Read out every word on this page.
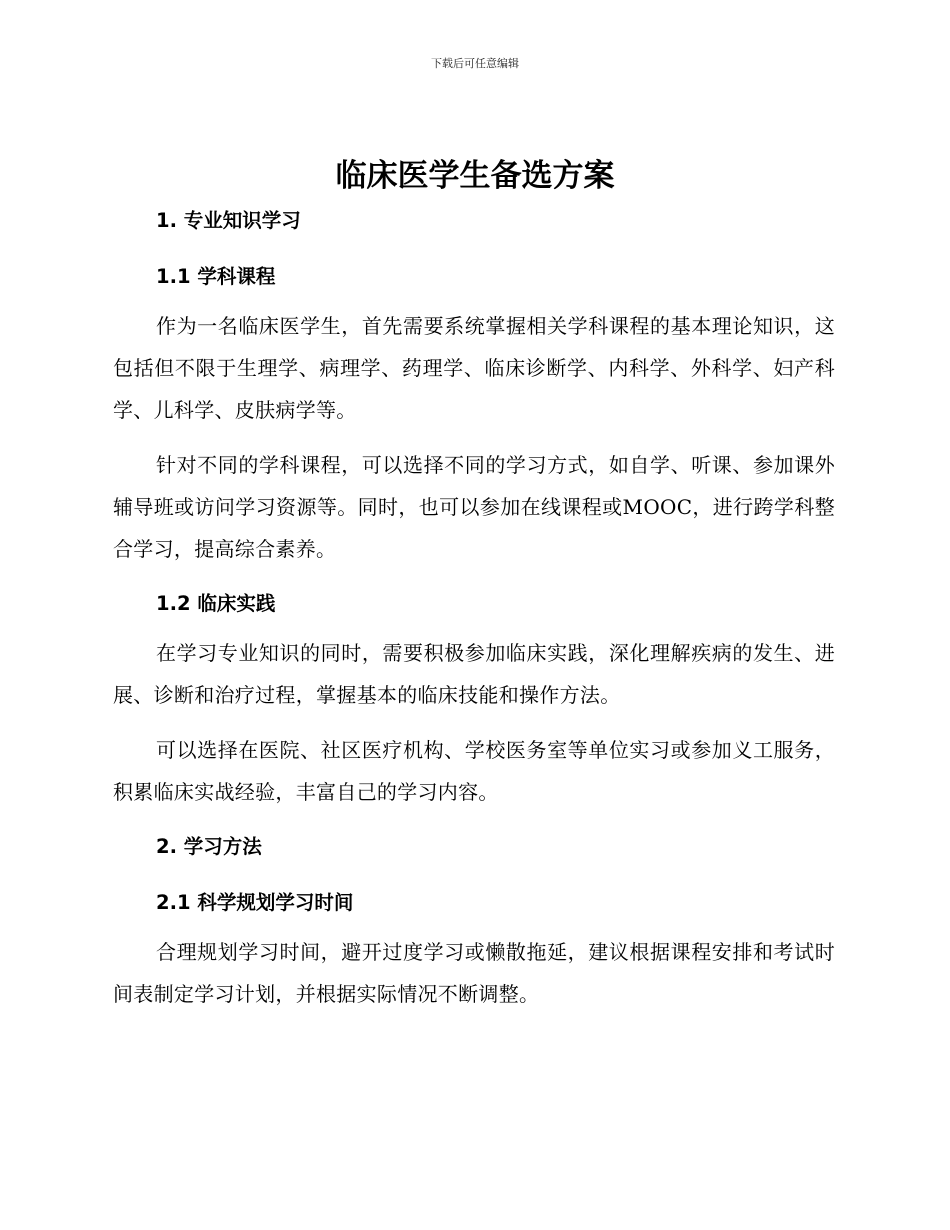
下载后可任意编辑
临床医学生备选方案
1. 专业知识学习
1.1 学科课程
作为一名临床医学生，首先需要系统掌握相关学科课程的基本理论知识，这包括但不限于生理学、病理学、药理学、临床诊断学、内科学、外科学、妇产科学、儿科学、皮肤病学等。
针对不同的学科课程，可以选择不同的学习方式，如自学、听课、参加课外辅导班或访问学习资源等。同时，也可以参加在线课程或MOOC，进行跨学科整合学习，提高综合素养。
1.2 临床实践
在学习专业知识的同时，需要积极参加临床实践，深化理解疾病的发生、进展、诊断和治疗过程，掌握基本的临床技能和操作方法。
可以选择在医院、社区医疗机构、学校医务室等单位实习或参加义工服务，积累临床实战经验，丰富自己的学习内容。
2. 学习方法
2.1 科学规划学习时间
合理规划学习时间，避开过度学习或懒散拖延，建议根据课程安排和考试时间表制定学习计划，并根据实际情况不断调整。
